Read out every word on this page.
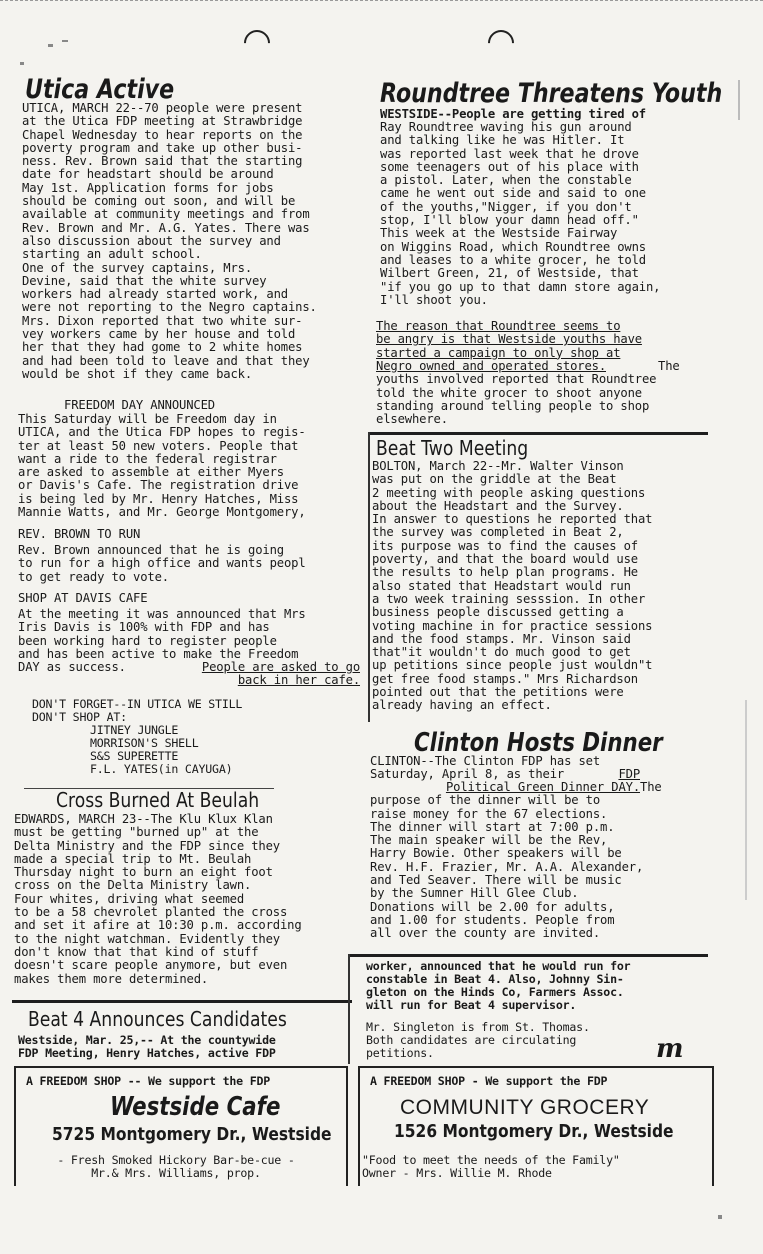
Utica Active

UTICA, MARCH 22--70 people were present
at the Utica FDP meeting at Strawbridge
Chapel Wednesday to hear reports on the
poverty program and take up other busi-
ness. Rev. Brown said that the starting
date for headstart should be around
May 1st. Application forms for jobs
should be coming out soon, and will be
available at community meetings and from
Rev. Brown and Mr. A.G. Yates. There was
also discussion about the survey and
starting an adult school.
One of the survey captains, Mrs.
Devine, said that the white survey
workers had already started work, and
were not reporting to the Negro captains.
Mrs. Dixon reported that two white sur-
vey workers came by her house and told
her that they had gome to 2 white homes
and had been told to leave and that they
would be shot if they came back.

FREEDOM DAY ANNOUNCED

This Saturday will be Freedom day in
UTICA, and the Utica FDP hopes to regis-
ter at least 50 new voters. People that
want a ride to the federal registrar
are asked to assemble at either Myers
or Davis's Cafe. The registration drive
is being led by Mr. Henry Hatches, Miss
Mannie Watts, and Mr. George Montgomery,

REV. BROWN TO RUN

Rev. Brown announced that he is going
to run for a high office and wants peopl
to get ready to vote.

SHOP AT DAVIS CAFE

At the meeting it was announced that Mrs
Iris Davis is 100% with FDP and has
been working hard to register people
and has been active to make the Freedom
DAY as success.	People are asked to go
back in her cafe.

DON'T FORGET--IN UTICA WE STILL
DON'T SHOP AT:

JITNEY JUNGLE
MORRISON'S SHELL
S&S SUPERETTE
F.L. YATES(in CAYUGA)
Cross Burned At Beulah

EDWARDS, MARCH 23--The Klu Klux Klan
must be getting "burned up" at the
Delta Ministry and the FDP since they
made a special trip to Mt. Beulah
Thursday night to burn an eight foot
cross on the Delta Ministry lawn.
Four whites, driving what seemed
to be a 58 chevrolet planted the cross
and set it afire at 10:30 p.m. according
to the night watchman. Evidently they
don't know that that kind of stuff
doesn't scare people anymore, but even
makes them more determined.

Beat 4 Announces Candidates

Westside, Mar. 25,-- At the countywide
FDP Meeting, Henry Hatches, active FDP

A FREEDOM SHOP -- We support the FDP

Westside Cafe
5725 Montgomery Dr., Westside

- Fresh Smoked Hickory Bar-be-cue -
Mr.& Mrs. Williams, prop.

Roundtree Threatens Youth

WESTSIDE--People are getting tired of

Ray Roundtree waving his gun around
and talking like he was Hitler. It
was reported last week that he drove
some teenagers out of his place with
a pistol. Later, when the constable
came he went out side and said to one
of the youths,"Nigger, if you don't
stop, I'll blow your damn head off."
This week at the Westside Fairway
on Wiggins Road, which Roundtree owns
and leases to a white grocer, he told
Wilbert Green, 21, of Westside, that
"if you go up to that damn store again,
I'll shoot you.

The reason that Roundtree seems to
be angry is that Westside youths have
started a campaign to only shop at
Negro owned and operated stores.	The
youths involved reported that Roundtree
told the white grocer to shoot anyone
standing around telling people to shop
elsewhere.

Beat Two Meeting

BOLTON, March 22--Mr. Walter Vinson
was put on the griddle at the Beat
2 meeting with people asking questions
about the Headstart and the Survey.
In answer to questions he reported that
the survey was completed in Beat 2,
its purpose was to find the causes of
poverty, and that the board would use
the results to help plan programs. He
also stated that Headstart would run
a two week training sesssion. In other
business people discussed getting a
voting machine in for practice sessions
and the food stamps. Mr. Vinson said
that"it wouldn't do much good to get
up petitions since people just wouldn"t
get free food stamps." Mrs Richardson
pointed out that the petitions were
already having an effect.

Clinton Hosts Dinner

CLINTON--The Clinton FDP has set
Saturday, April 8, as their	FDP
Political Green Dinner DAY. The
purpose of the dinner will be to
raise money for the 67 elections.
The dinner will start at 7:00 p.m.
The main speaker will be the Rev,
Harry Bowie. Other speakers will be
Rev. H.F. Frazier, Mr. A.A. Alexander,
and Ted Seaver. There will be music
by the Sumner Hill Glee Club.
Donations will be 2.00 for adults,
and 1.00 for students. People from
all over the county are invited.

worker, announced that he would run for
constable in Beat 4. Also, Johnny Sin-
gleton on the Hinds Co, Farmers Assoc.
will run for Beat 4 supervisor.

Mr. Singleton is from St. Thomas.
Both candidates are circulating
petitions.	m

A FREEDOM SHOP - We support the FDP

COMMUNITY GROCERY
1526 Montgomery Dr., Westside

"Food to meet the needs of the Family"
Owner - Mrs. Willie M. Rhode
